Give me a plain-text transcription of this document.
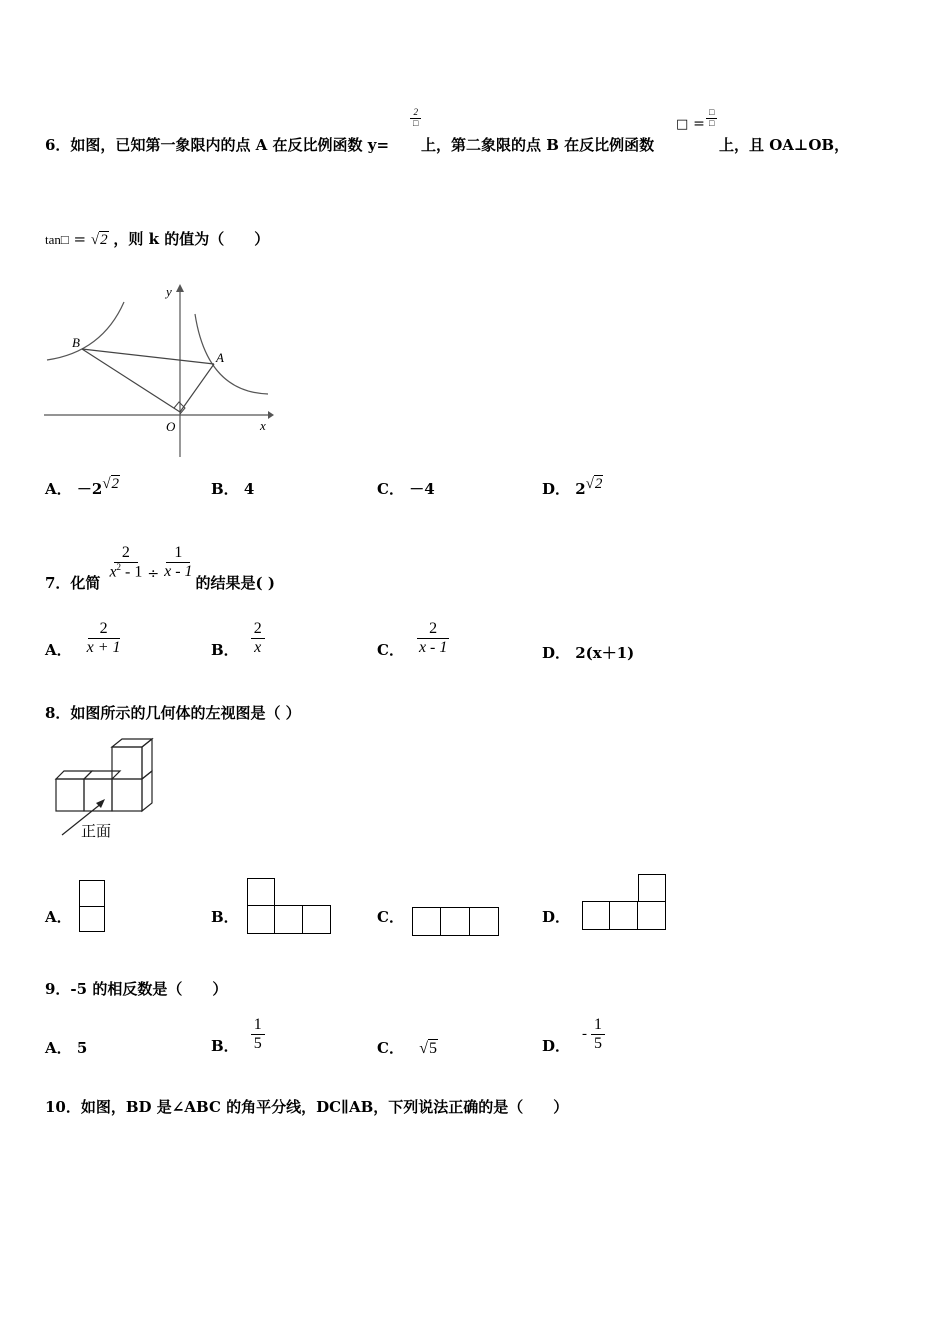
6．如图，已知第一象限内的点 A 在反比例函数 y=
$\frac{2}{□}$
上，第二象限的点 B 在反比例函数
□ = $\frac{□}{□}$
上，且 OA⊥OB，
tan□ = √2 ，则 k 的值为（　　）
B
A
O	x
y
A． －2√2	B． 4	C． －4	D． 2√2
7．化简
$\frac{2}{x^2 - 1} \div \frac{1}{x - 1}$
的结果是( )
A． $\frac{2}{x + 1}$	B． $\frac{2}{x}$	C． $\frac{2}{x - 1}$	D． 2(x＋1)
8．如图所示的几何体的左视图是（ ）
正面
A．	B．	C．	D．
9．-5 的相反数是（　　）
A． 5	B． $\frac{1}{5}$	C． √5	D．
- $\frac{1}{5}$
10．如图，BD 是∠ABC 的角平分线，DC∥AB，下列说法正确的是（　　）
